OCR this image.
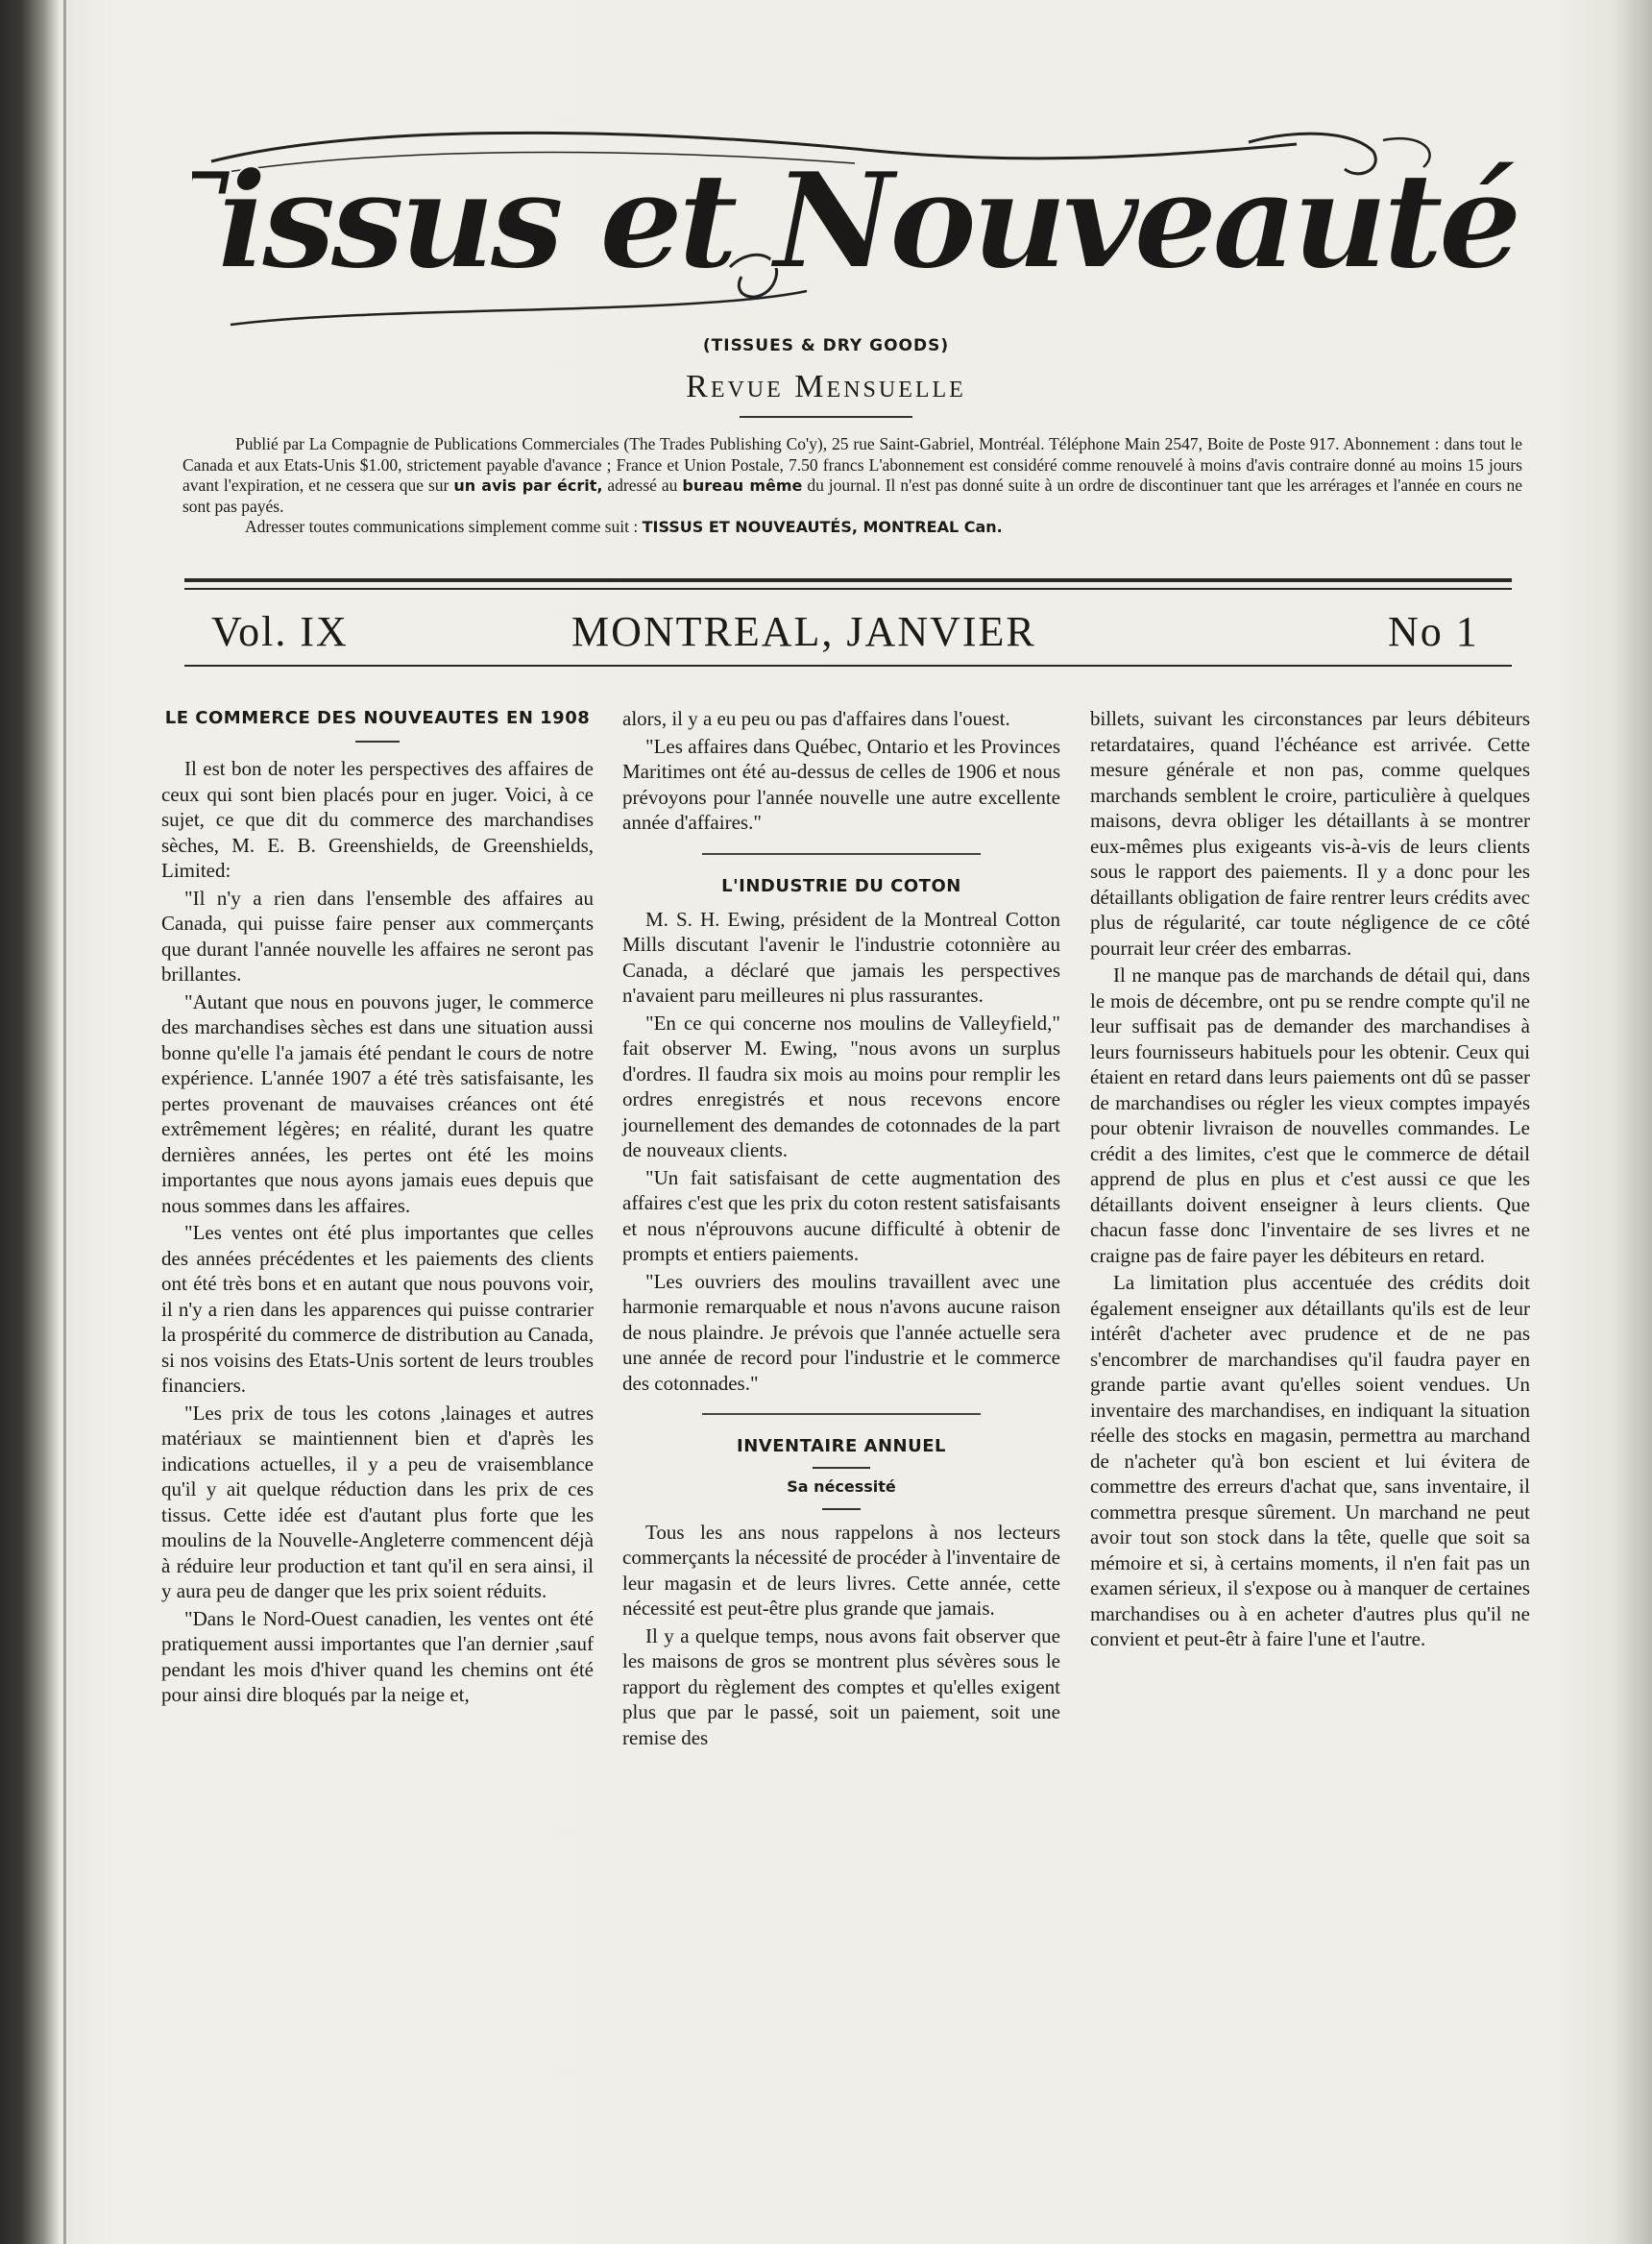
Tissus et Nouveautés
(TISSUES & DRY GOODS)
Revue Mensuelle

Publié par La Compagnie de Publications Commerciales (The Trades Publishing Co'y), 25 rue Saint-Gabriel, Montréal. Téléphone Main 2547, Boite de Poste 917. Abonnement : dans tout le Canada et aux Etats-Unis $1.00, strictement payable d'avance ; France et Union Postale, 7.50 francs L'abonnement est considéré comme renouvelé à moins d'avis contraire donné au moins 15 jours avant l'expiration, et ne cessera que sur un avis par écrit, adressé au bureau même du journal. Il n'est pas donné suite à un ordre de discontinuer tant que les arrérages et l'année en cours ne sont pas payés.

Adresser toutes communications simplement comme suit : TISSUS ET NOUVEAUTÉS, MONTREAL Can.

Vol. IX	MONTREAL, JANVIER	No 1
LE COMMERCE DES NOUVEAUTES EN 1908

Il est bon de noter les perspectives des affaires de ceux qui sont bien placés pour en juger. Voici, à ce sujet, ce que dit du commerce des marchandises sèches, M. E. B. Greenshields, de Greenshields, Limited:

"Il n'y a rien dans l'ensemble des affaires au Canada, qui puisse faire penser aux commerçants que durant l'année nouvelle les affaires ne seront pas brillantes.

"Autant que nous en pouvons juger, le commerce des marchandises sèches est dans une situation aussi bonne qu'elle l'a jamais été pendant le cours de notre expérience. L'année 1907 a été très satisfaisante, les pertes provenant de mauvaises créances ont été extrêmement légères; en réalité, durant les quatre dernières années, les pertes ont été les moins importantes que nous ayons jamais eues depuis que nous sommes dans les affaires.

"Les ventes ont été plus importantes que celles des années précédentes et les paiements des clients ont été très bons et en autant que nous pouvons voir, il n'y a rien dans les apparences qui puisse contrarier la prospérité du commerce de distribution au Canada, si nos voisins des Etats-Unis sortent de leurs troubles financiers.

"Les prix de tous les cotons ,lainages et autres matériaux se maintiennent bien et d'après les indications actuelles, il y a peu de vraisemblance qu'il y ait quelque réduction dans les prix de ces tissus. Cette idée est d'autant plus forte que les moulins de la Nouvelle-Angleterre commencent déjà à réduire leur production et tant qu'il en sera ainsi, il y aura peu de danger que les prix soient réduits.

"Dans le Nord-Ouest canadien, les ventes ont été pratiquement aussi importantes que l'an dernier ,sauf pendant les mois d'hiver quand les chemins ont été pour ainsi dire bloqués par la neige et,

alors, il y a eu peu ou pas d'affaires dans l'ouest.

"Les affaires dans Québec, Ontario et les Provinces Maritimes ont été au-dessus de celles de 1906 et nous prévoyons pour l'année nouvelle une autre excellente année d'affaires."

L'INDUSTRIE DU COTON

M. S. H. Ewing, président de la Montreal Cotton Mills discutant l'avenir le l'industrie cotonnière au Canada, a déclaré que jamais les perspectives n'avaient paru meilleures ni plus rassurantes.

"En ce qui concerne nos moulins de Valleyfield," fait observer M. Ewing, "nous avons un surplus d'ordres. Il faudra six mois au moins pour remplir les ordres enregistrés et nous recevons encore journellement des demandes de cotonnades de la part de nouveaux clients.

"Un fait satisfaisant de cette augmentation des affaires c'est que les prix du coton restent satisfaisants et nous n'éprouvons aucune difficulté à obtenir de prompts et entiers paiements.

"Les ouvriers des moulins travaillent avec une harmonie remarquable et nous n'avons aucune raison de nous plaindre. Je prévois que l'année actuelle sera une année de record pour l'industrie et le commerce des cotonnades."

INVENTAIRE ANNUEL
Sa nécessité

Tous les ans nous rappelons à nos lecteurs commerçants la nécessité de procéder à l'inventaire de leur magasin et de leurs livres. Cette année, cette nécessité est peut-être plus grande que jamais.

Il y a quelque temps, nous avons fait observer que les maisons de gros se montrent plus sévères sous le rapport du règlement des comptes et qu'elles exigent plus que par le passé, soit un paiement, soit une remise des

billets, suivant les circonstances par leurs débiteurs retardataires, quand l'échéance est arrivée. Cette mesure générale et non pas, comme quelques marchands semblent le croire, particulière à quelques maisons, devra obliger les détaillants à se montrer eux-mêmes plus exigeants vis-à-vis de leurs clients sous le rapport des paiements. Il y a donc pour les détaillants obligation de faire rentrer leurs crédits avec plus de régularité, car toute négligence de ce côté pourrait leur créer des embarras.

Il ne manque pas de marchands de détail qui, dans le mois de décembre, ont pu se rendre compte qu'il ne leur suffisait pas de demander des marchandises à leurs fournisseurs habituels pour les obtenir. Ceux qui étaient en retard dans leurs paiements ont dû se passer de marchandises ou régler les vieux comptes impayés pour obtenir livraison de nouvelles commandes. Le crédit a des limites, c'est que le commerce de détail apprend de plus en plus et c'est aussi ce que les détaillants doivent enseigner à leurs clients. Que chacun fasse donc l'inventaire de ses livres et ne craigne pas de faire payer les débiteurs en retard.

La limitation plus accentuée des crédits doit également enseigner aux détaillants qu'ils est de leur intérêt d'acheter avec prudence et de ne pas s'encombrer de marchandises qu'il faudra payer en grande partie avant qu'elles soient vendues. Un inventaire des marchandises, en indiquant la situation réelle des stocks en magasin, permettra au marchand de n'acheter qu'à bon escient et lui évitera de commettre des erreurs d'achat que, sans inventaire, il commettra presque sûrement. Un marchand ne peut avoir tout son stock dans la tête, quelle que soit sa mémoire et si, à certains moments, il n'en fait pas un examen sérieux, il s'expose ou à manquer de certaines marchandises ou à en acheter d'autres plus qu'il ne convient et peut-êtr à faire l'une et l'autre.
